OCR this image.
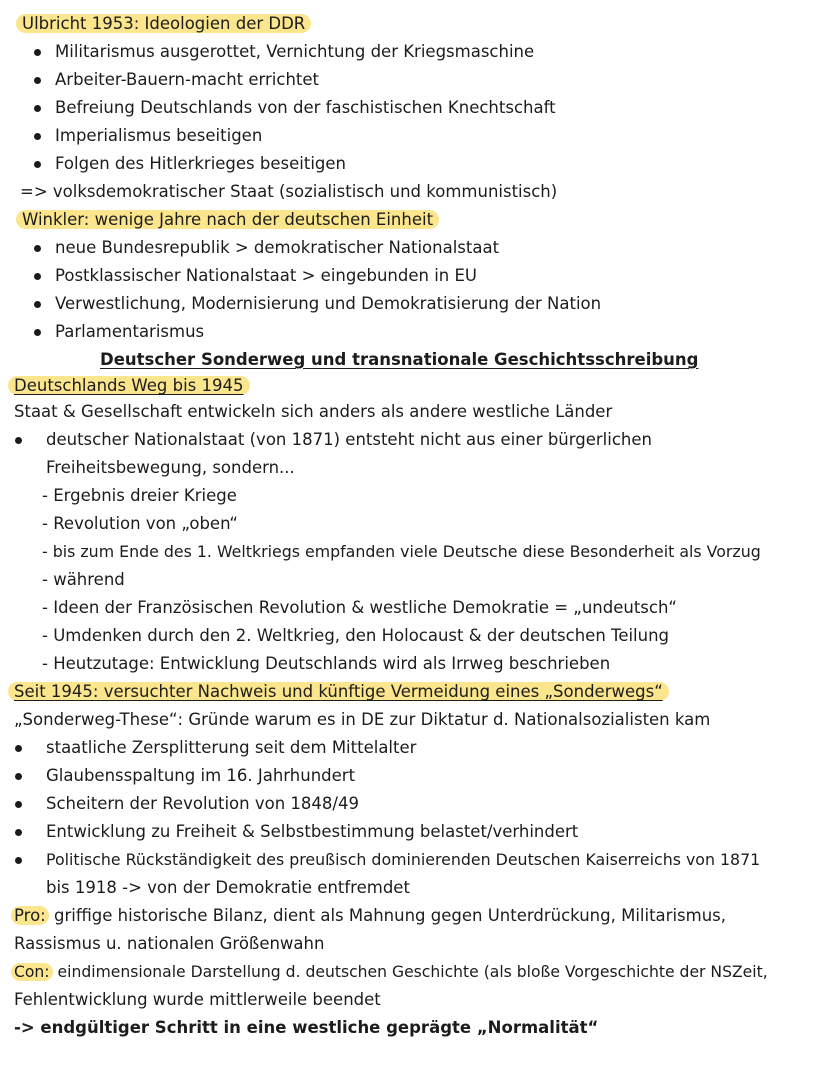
Ulbricht 1953: Ideologien der DDR
Militarismus ausgerottet, Vernichtung der Kriegsmaschine
Arbeiter-Bauern-macht errichtet
Befreiung Deutschlands von der faschistischen Knechtschaft
Imperialismus beseitigen
Folgen des Hitlerkrieges beseitigen
=> volksdemokratischer Staat (sozialistisch und kommunistisch)
Winkler: wenige Jahre nach der deutschen Einheit
neue Bundesrepublik > demokratischer Nationalstaat
Postklassischer Nationalstaat > eingebunden in EU
Verwestlichung, Modernisierung und Demokratisierung der Nation
Parlamentarismus
Deutscher Sonderweg und transnationale Geschichtsschreibung
Deutschlands Weg bis 1945
Staat & Gesellschaft entwickeln sich anders als andere westliche Länder
deutscher Nationalstaat (von 1871) entsteht nicht aus einer bürgerlichen
Freiheitsbewegung, sondern...
- Ergebnis dreier Kriege
- Revolution von „oben“
- bis zum Ende des 1. Weltkriegs empfanden viele Deutsche diese Besonderheit als Vorzug
- während
- Ideen der Französischen Revolution & westliche Demokratie = „undeutsch“
- Umdenken durch den 2. Weltkrieg, den Holocaust & der deutschen Teilung
- Heutzutage: Entwicklung Deutschlands wird als Irrweg beschrieben
Seit 1945: versuchter Nachweis und künftige Vermeidung eines „Sonderwegs“
„Sonderweg-These“: Gründe warum es in DE zur Diktatur d. Nationalsozialisten kam
staatliche Zersplitterung seit dem Mittelalter
Glaubensspaltung im 16. Jahrhundert
Scheitern der Revolution von 1848/49
Entwicklung zu Freiheit & Selbstbestimmung belastet/verhindert
Politische Rückständigkeit des preußisch dominierenden Deutschen Kaiserreichs von 1871
bis 1918 -> von der Demokratie entfremdet
Pro: griffige historische Bilanz, dient als Mahnung gegen Unterdrückung, Militarismus,
Rassismus u. nationalen Größenwahn
Con: eindimensionale Darstellung d. deutschen Geschichte (als bloße Vorgeschichte der NSZeit,
Fehlentwicklung wurde mittlerweile beendet
-> endgültiger Schritt in eine westliche geprägte „Normalität“
